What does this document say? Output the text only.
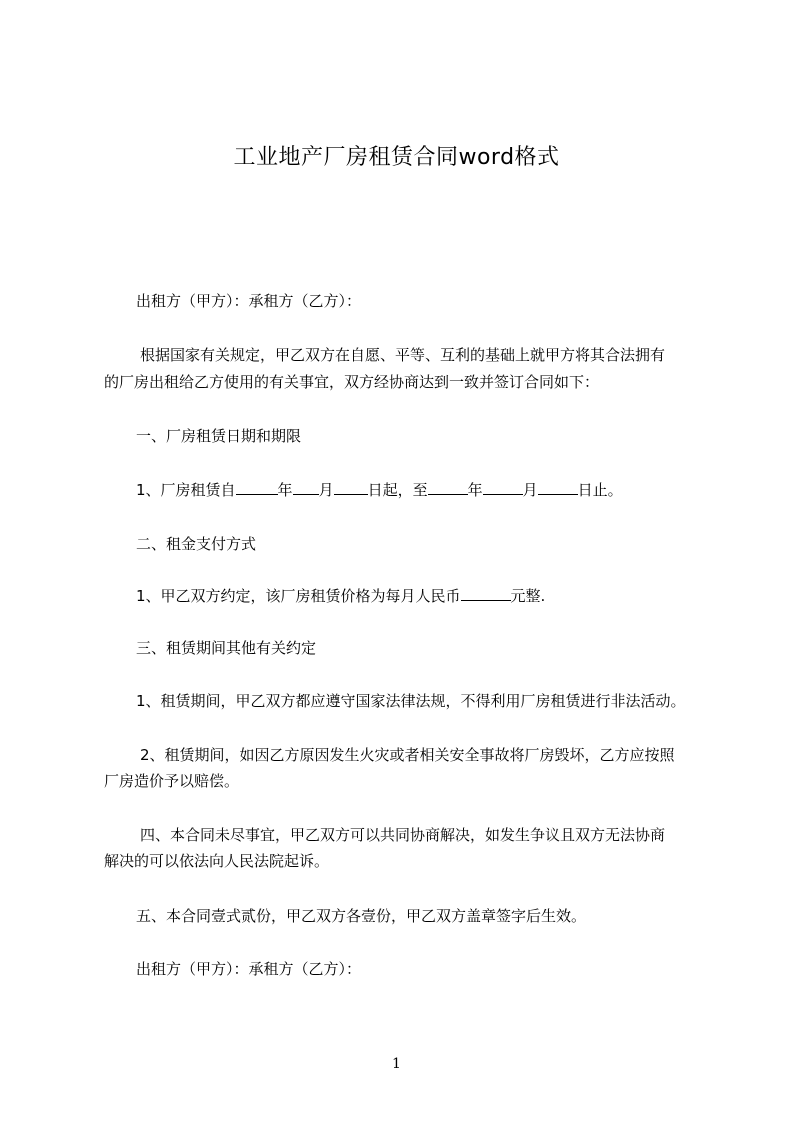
工业地产厂房租赁合同word格式
出租方（甲方）：承租方（乙方）：
根据国家有关规定，甲乙双方在自愿、平等、互利的基础上就甲方将其合法拥有
的厂房出租给乙方使用的有关事宜，双方经协商达到一致并签订合同如下：
一、厂房租赁日期和期限
1、厂房租赁自	年 月 日起，至	年	月	日止。
二、租金支付方式
1、甲乙双方约定，该厂房租赁价格为每月人民币	元整.
三、租赁期间其他有关约定
1、租赁期间，甲乙双方都应遵守国家法律法规，不得利用厂房租赁进行非法活动。
2、租赁期间，如因乙方原因发生火灾或者相关安全事故将厂房毁坏，乙方应按照
厂房造价予以赔偿。
四、本合同未尽事宜，甲乙双方可以共同协商解决，如发生争议且双方无法协商
解决的可以依法向人民法院起诉。
五、本合同壹式贰份，甲乙双方各壹份，甲乙双方盖章签字后生效。
出租方（甲方）：承租方（乙方）：
1
